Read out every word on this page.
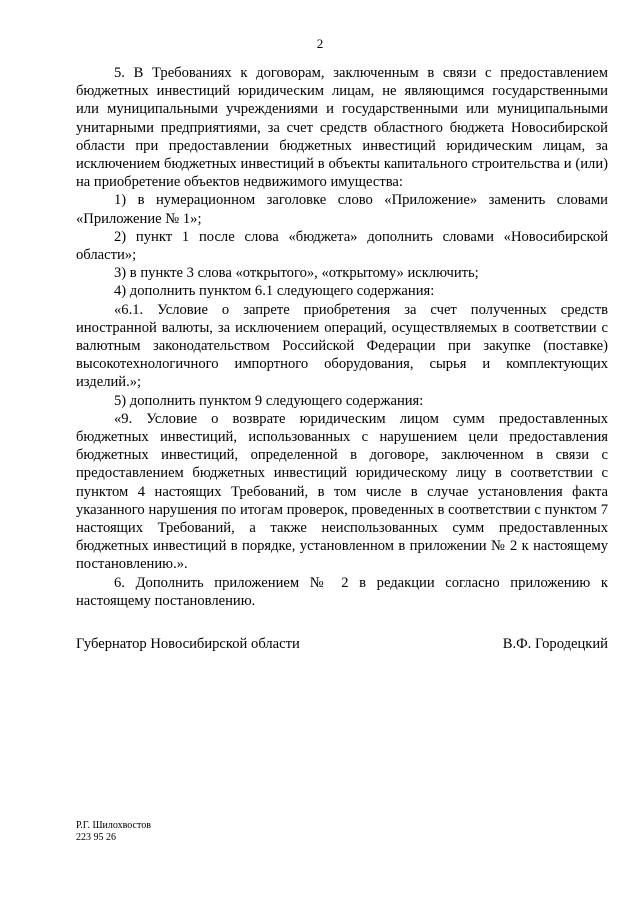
2

5. В Требованиях к договорам, заключенным в связи с предоставлением бюджетных инвестиций юридическим лицам, не являющимся государственными или муниципальными учреждениями и государственными или муниципальными унитарными предприятиями, за счет средств областного бюджета Новосибирской области при предоставлении бюджетных инвестиций юридическим лицам, за исключением бюджетных инвестиций в объекты капитального строительства и (или) на приобретение объектов недвижимого имущества:

1) в нумерационном заголовке слово «Приложение» заменить словами «Приложение № 1»;

2) пункт 1 после слова «бюджета» дополнить словами «Новосибирской области»;

3) в пункте 3 слова «открытого», «открытому» исключить;

4) дополнить пунктом 6.1 следующего содержания:

«6.1. Условие о запрете приобретения за счет полученных средств иностранной валюты, за исключением операций, осуществляемых в соответствии с валютным законодательством Российской Федерации при закупке (поставке) высокотехнологичного импортного оборудования, сырья и комплектующих изделий.»;

5) дополнить пунктом 9 следующего содержания:

«9. Условие о возврате юридическим лицом сумм предоставленных бюджетных инвестиций, использованных с нарушением цели предоставления бюджетных инвестиций, определенной в договоре, заключенном в связи с предоставлением бюджетных инвестиций юридическому лицу в соответствии с пунктом 4 настоящих Требований, в том числе в случае установления факта указанного нарушения по итогам проверок, проведенных в соответствии с пунктом 7 настоящих Требований, а также неиспользованных сумм предоставленных бюджетных инвестиций в порядке, установленном в приложении № 2 к настоящему постановлению.».

6. Дополнить приложением № 2 в редакции согласно приложению к настоящему постановлению.

Губернатор Новосибирской области	В.Ф. Городецкий
Р.Г. Шилохвостов
223 95 26
